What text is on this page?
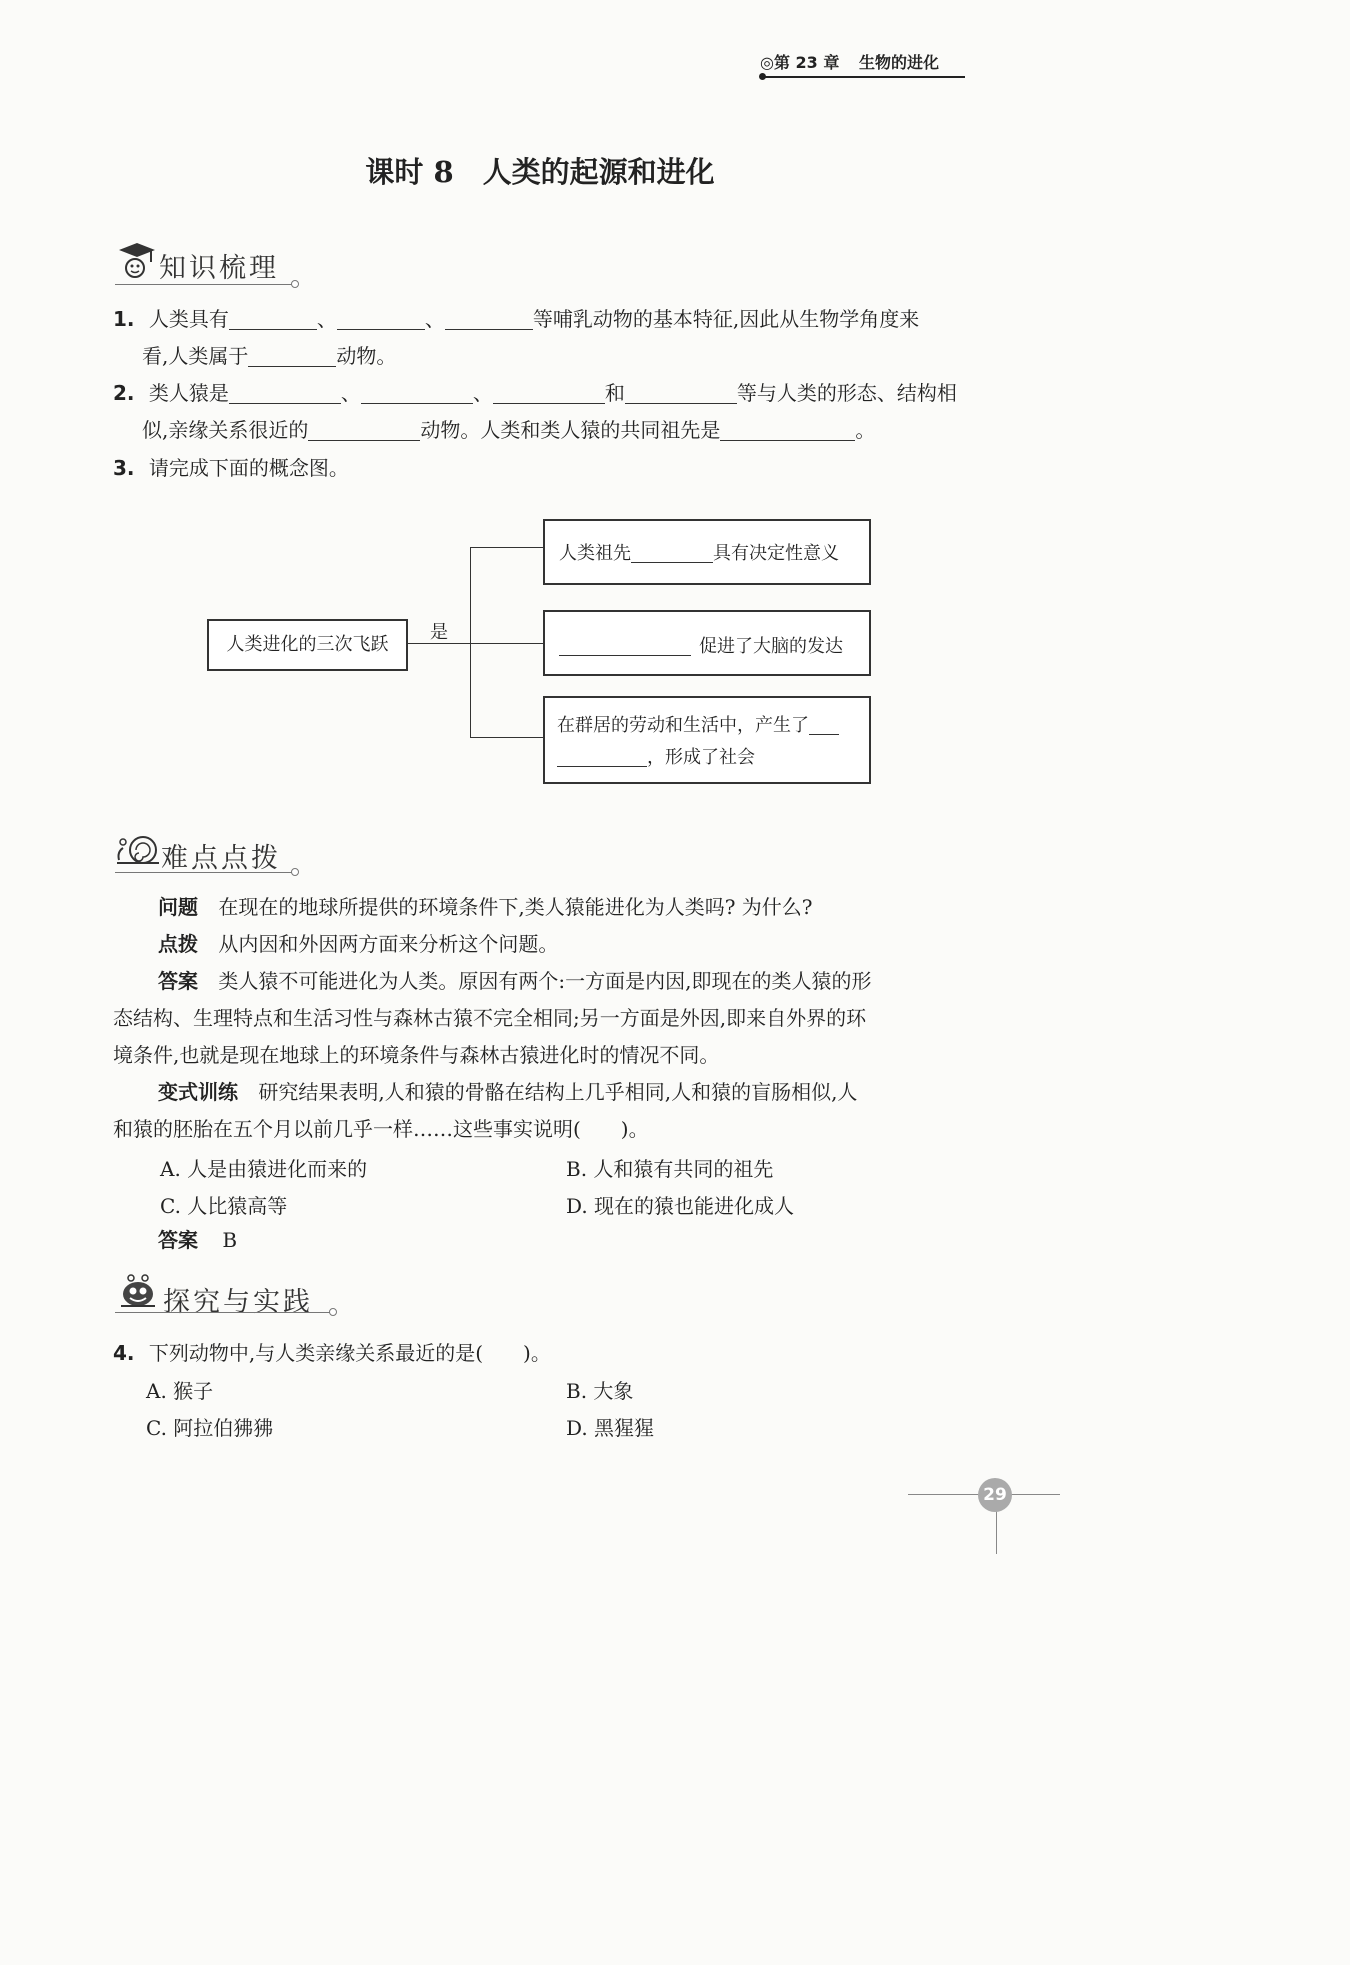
◎第 23 章 生物的进化
课时 8　人类的起源和进化
知识梳理
1. 人类具有	、	、	等哺乳动物的基本特征,因此从生物学角度来
看,人类属于	动物。
2. 类人猿是	、	、	和	等与人类的形态、结构相
似,亲缘关系很近的	动物。人类和类人猿的共同祖先是	。
3. 请完成下面的概念图。
人类进化的三次飞跃
是
人类祖先	具有决定性意义
促进了大脑的发达
在群居的劳动和生活中，产生了
，形成了社会
难点点拨
问题 在现在的地球所提供的环境条件下,类人猿能进化为人类吗? 为什么?
点拨 从内因和外因两方面来分析这个问题。
答案 类人猿不可能进化为人类。原因有两个:一方面是内因,即现在的类人猿的形
态结构、生理特点和生活习性与森林古猿不完全相同;另一方面是外因,即来自外界的环
境条件,也就是现在地球上的环境条件与森林古猿进化时的情况不同。
变式训练 研究结果表明,人和猿的骨骼在结构上几乎相同,人和猿的盲肠相似,人
和猿的胚胎在五个月以前几乎一样……这些事实说明(　　)。
A. 人是由猿进化而来的	B. 人和猿有共同的祖先
C. 人比猿高等	D. 现在的猿也能进化成人
答案 B
探究与实践
4. 下列动物中,与人类亲缘关系最近的是(　　)。
A. 猴子	B. 大象
C. 阿拉伯狒狒	D. 黑猩猩
29
